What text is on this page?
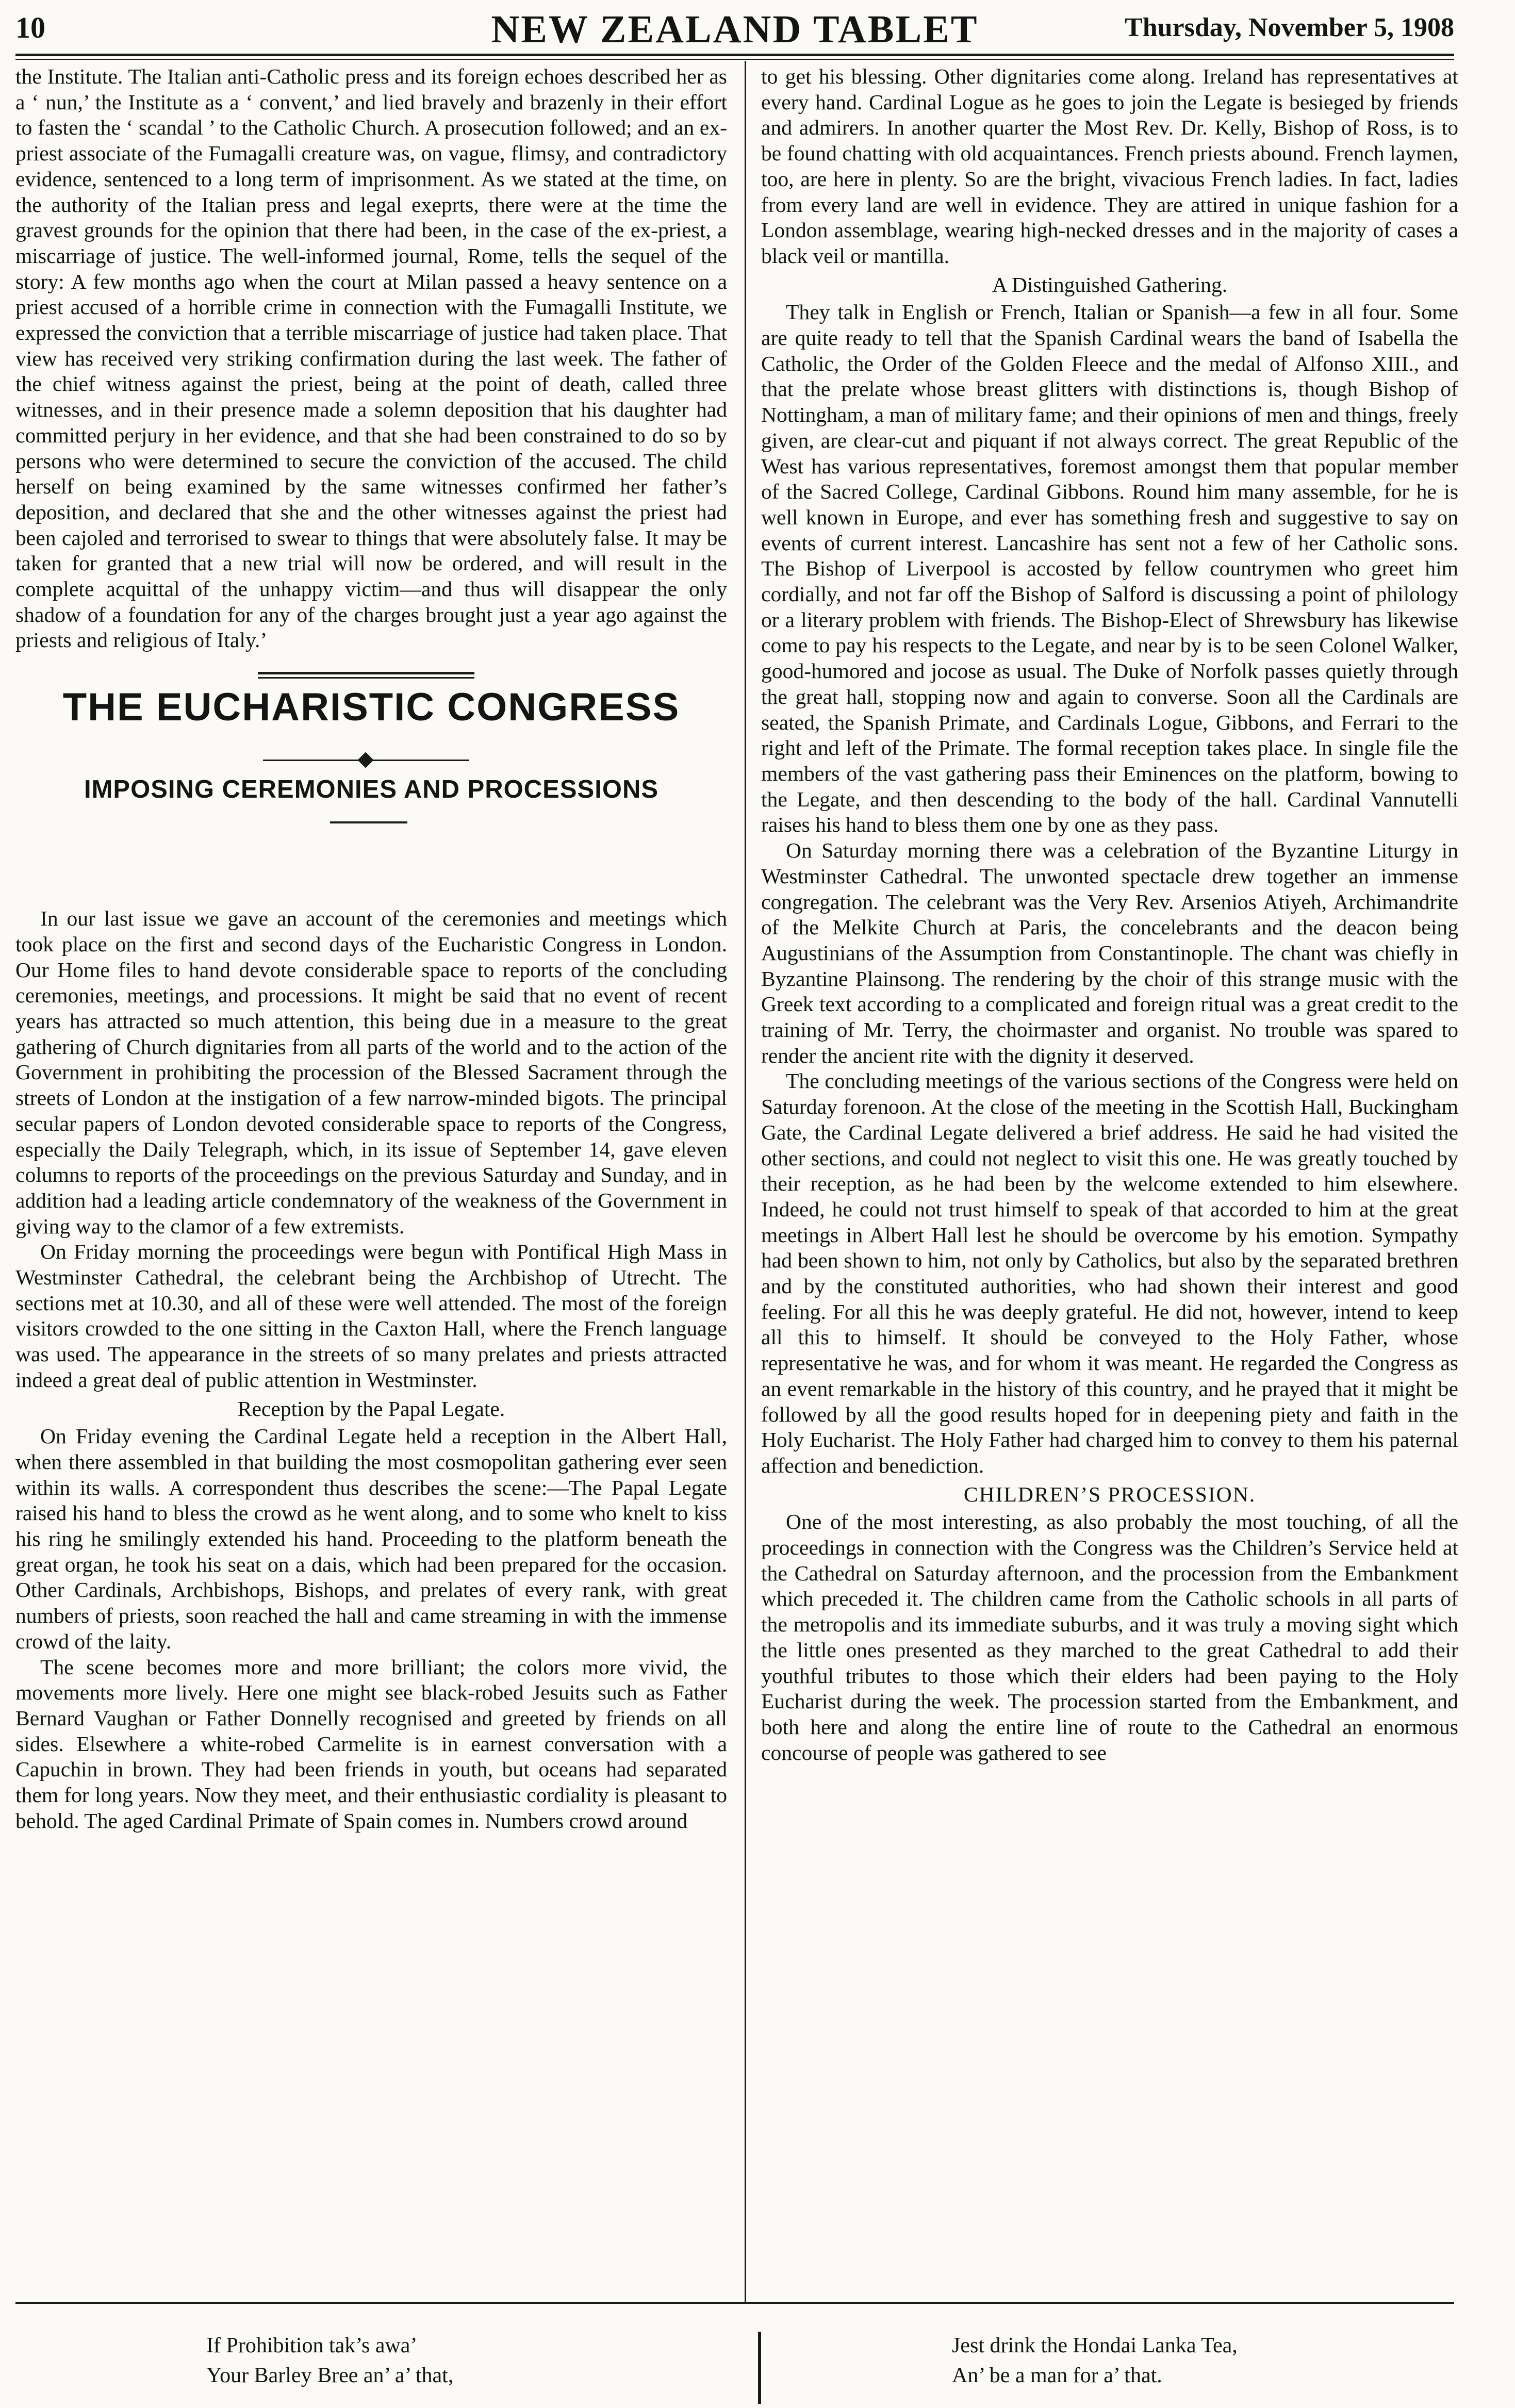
10	NEW ZEALAND TABLET	Thursday, November 5, 1908

the Institute. The Italian anti-Catholic press and its foreign echoes described her as a ‘ nun,’ the Institute as a ‘ convent,’ and lied bravely and brazenly in their effort to fasten the ‘ scandal ’ to the Catholic Church. A prosecution followed; and an ex-priest associate of the Fumagalli creature was, on vague, flimsy, and contradictory evidence, sentenced to a long term of imprisonment. As we stated at the time, on the authority of the Italian press and legal exeprts, there were at the time the gravest grounds for the opinion that there had been, in the case of the ex-priest, a miscarriage of justice. The well-informed journal, Rome, tells the sequel of the story: A few months ago when the court at Milan passed a heavy sentence on a priest accused of a horrible crime in connection with the Fumagalli Institute, we expressed the conviction that a terrible miscarriage of justice had taken place. That view has received very striking confirmation during the last week. The father of the chief witness against the priest, being at the point of death, called three witnesses, and in their presence made a solemn deposition that his daughter had committed perjury in her evidence, and that she had been constrained to do so by persons who were determined to secure the conviction of the accused. The child herself on being examined by the same witnesses confirmed her father’s deposition, and declared that she and the other witnesses against the priest had been cajoled and terrorised to swear to things that were absolutely false. It may be taken for granted that a new trial will now be ordered, and will result in the complete acquittal of the unhappy victim—and thus will disappear the only shadow of a foundation for any of the charges brought just a year ago against the priests and religious of Italy.’

THE EUCHARISTIC CONGRESS
IMPOSING CEREMONIES AND PROCESSIONS

In our last issue we gave an account of the ceremonies and meetings which took place on the first and second days of the Eucharistic Congress in London. Our Home files to hand devote considerable space to reports of the concluding ceremonies, meetings, and processions. It might be said that no event of recent years has attracted so much attention, this being due in a measure to the great gathering of Church dignitaries from all parts of the world and to the action of the Government in prohibiting the procession of the Blessed Sacrament through the streets of London at the instigation of a few narrow-minded bigots. The principal secular papers of London devoted considerable space to reports of the Congress, especially the Daily Telegraph, which, in its issue of September 14, gave eleven columns to reports of the proceedings on the previous Saturday and Sunday, and in addition had a leading article condemnatory of the weakness of the Government in giving way to the clamor of a few extremists.

On Friday morning the proceedings were begun with Pontifical High Mass in Westminster Cathedral, the celebrant being the Archbishop of Utrecht. The sections met at 10.30, and all of these were well attended. The most of the foreign visitors crowded to the one sitting in the Caxton Hall, where the French language was used. The appearance in the streets of so many prelates and priests attracted indeed a great deal of public attention in Westminster.

Reception by the Papal Legate.

On Friday evening the Cardinal Legate held a reception in the Albert Hall, when there assembled in that building the most cosmopolitan gathering ever seen within its walls. A correspondent thus describes the scene:—The Papal Legate raised his hand to bless the crowd as he went along, and to some who knelt to kiss his ring he smilingly extended his hand. Proceeding to the platform beneath the great organ, he took his seat on a dais, which had been prepared for the occasion. Other Cardinals, Archbishops, Bishops, and prelates of every rank, with great numbers of priests, soon reached the hall and came streaming in with the immense crowd of the laity.

The scene becomes more and more brilliant; the colors more vivid, the movements more lively. Here one might see black-robed Jesuits such as Father Bernard Vaughan or Father Donnelly recognised and greeted by friends on all sides. Elsewhere a white-robed Carmelite is in earnest conversation with a Capuchin in brown. They had been friends in youth, but oceans had separated them for long years. Now they meet, and their enthusiastic cordiality is pleasant to behold. The aged Cardinal Primate of Spain comes in. Numbers crowd around

to get his blessing. Other dignitaries come along. Ireland has representatives at every hand. Cardinal Logue as he goes to join the Legate is besieged by friends and admirers. In another quarter the Most Rev. Dr. Kelly, Bishop of Ross, is to be found chatting with old acquaintances. French priests abound. French laymen, too, are here in plenty. So are the bright, vivacious French ladies. In fact, ladies from every land are well in evidence. They are attired in unique fashion for a London assemblage, wearing high-necked dresses and in the majority of cases a black veil or mantilla.

A Distinguished Gathering.

They talk in English or French, Italian or Spanish—a few in all four. Some are quite ready to tell that the Spanish Cardinal wears the band of Isabella the Catholic, the Order of the Golden Fleece and the medal of Alfonso XIII., and that the prelate whose breast glitters with distinctions is, though Bishop of Nottingham, a man of military fame; and their opinions of men and things, freely given, are clear-cut and piquant if not always correct. The great Republic of the West has various representatives, foremost amongst them that popular member of the Sacred College, Cardinal Gibbons. Round him many assemble, for he is well known in Europe, and ever has something fresh and suggestive to say on events of current interest. Lancashire has sent not a few of her Catholic sons. The Bishop of Liverpool is accosted by fellow countrymen who greet him cordially, and not far off the Bishop of Salford is discussing a point of philology or a literary problem with friends. The Bishop-Elect of Shrewsbury has likewise come to pay his respects to the Legate, and near by is to be seen Colonel Walker, good-humored and jocose as usual. The Duke of Norfolk passes quietly through the great hall, stopping now and again to converse. Soon all the Cardinals are seated, the Spanish Primate, and Cardinals Logue, Gibbons, and Ferrari to the right and left of the Primate. The formal reception takes place. In single file the members of the vast gathering pass their Eminences on the platform, bowing to the Legate, and then descending to the body of the hall. Cardinal Vannutelli raises his hand to bless them one by one as they pass.

On Saturday morning there was a celebration of the Byzantine Liturgy in Westminster Cathedral. The unwonted spectacle drew together an immense congregation. The celebrant was the Very Rev. Arsenios Atiyeh, Archimandrite of the Melkite Church at Paris, the concelebrants and the deacon being Augustinians of the Assumption from Constantinople. The chant was chiefly in Byzantine Plainsong. The rendering by the choir of this strange music with the Greek text according to a complicated and foreign ritual was a great credit to the training of Mr. Terry, the choirmaster and organist. No trouble was spared to render the ancient rite with the dignity it deserved.

The concluding meetings of the various sections of the Congress were held on Saturday forenoon. At the close of the meeting in the Scottish Hall, Buckingham Gate, the Cardinal Legate delivered a brief address. He said he had visited the other sections, and could not neglect to visit this one. He was greatly touched by their reception, as he had been by the welcome extended to him elsewhere. Indeed, he could not trust himself to speak of that accorded to him at the great meetings in Albert Hall lest he should be overcome by his emotion. Sympathy had been shown to him, not only by Catholics, but also by the separated brethren and by the constituted authorities, who had shown their interest and good feeling. For all this he was deeply grateful. He did not, however, intend to keep all this to himself. It should be conveyed to the Holy Father, whose representative he was, and for whom it was meant. He regarded the Congress as an event remarkable in the history of this country, and he prayed that it might be followed by all the good results hoped for in deepening piety and faith in the Holy Eucharist. The Holy Father had charged him to convey to them his paternal affection and benediction.

CHILDREN’S PROCESSION.

One of the most interesting, as also probably the most touching, of all the proceedings in connection with the Congress was the Children’s Service held at the Cathedral on Saturday afternoon, and the procession from the Embankment which preceded it. The children came from the Catholic schools in all parts of the metropolis and its immediate suburbs, and it was truly a moving sight which the little ones presented as they marched to the great Cathedral to add their youthful tributes to those which their elders had been paying to the Holy Eucharist during the week. The procession started from the Embankment, and both here and along the entire line of route to the Cathedral an enormous concourse of people was gathered to see

If Prohibition tak’s awa’
Your Barley Bree an’ a’ that,
Jest drink the Hondai Lanka Tea,
An’ be a man for a’ that.
